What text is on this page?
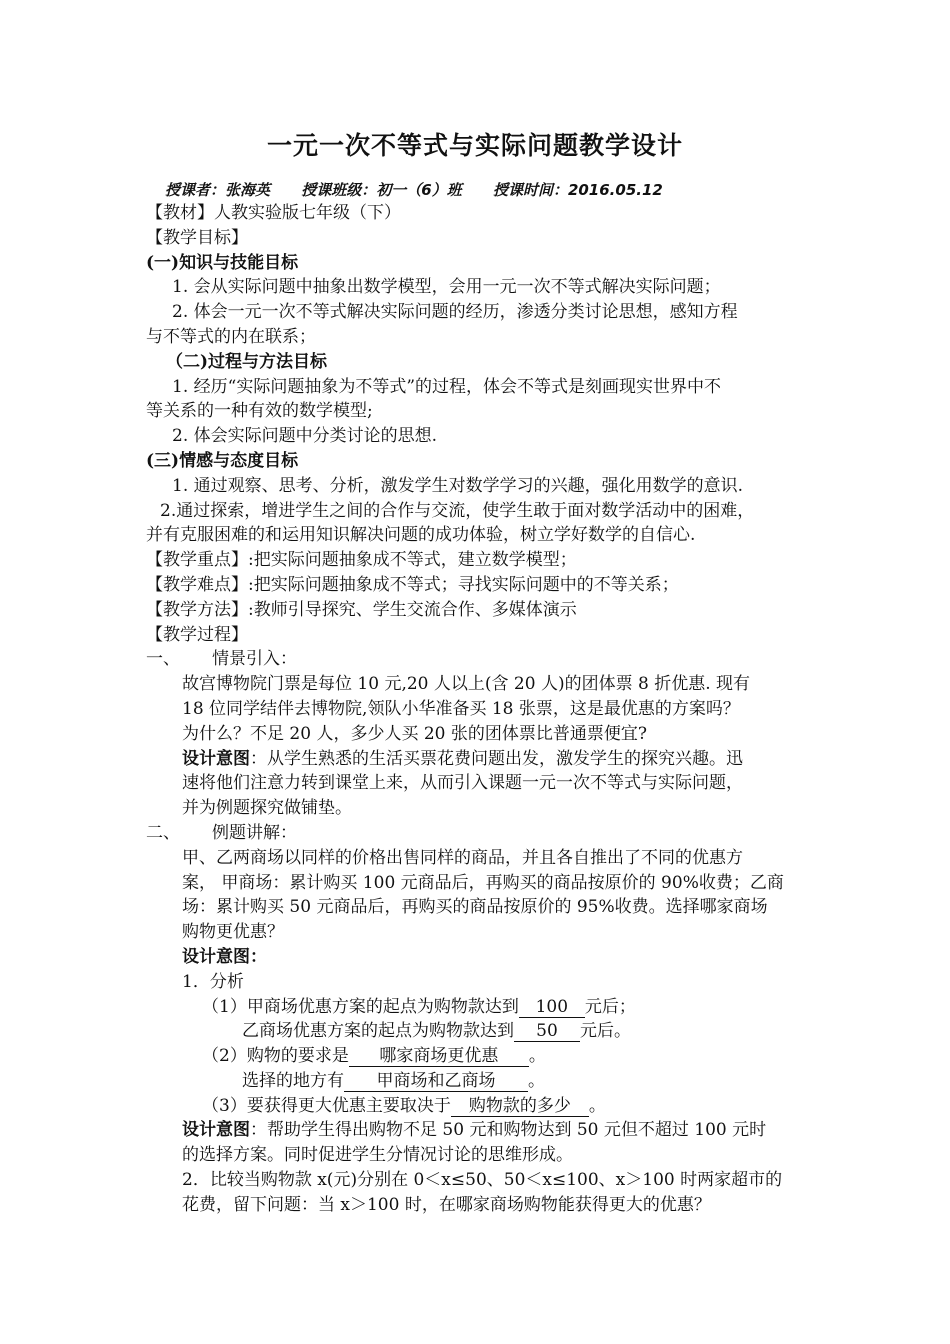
一元一次不等式与实际问题教学设计
授课者：张海英 授课班级：初一（6）班 授课时间：2016.05.12
【教材】人教实验版七年级（下）
【教学目标】
(一)知识与技能目标
1. 会从实际问题中抽象出数学模型，会用一元一次不等式解决实际问题；
2. 体会一元一次不等式解决实际问题的经历，渗透分类讨论思想，感知方程
与不等式的内在联系；
（二)过程与方法目标
1. 经历“实际问题抽象为不等式”的过程，体会不等式是刻画现实世界中不
等关系的一种有效的数学模型;
2. 体会实际问题中分类讨论的思想.
(三)情感与态度目标
1. 通过观察、思考、分析，激发学生对数学学习的兴趣，强化用数学的意识.
2.通过探索，增进学生之间的合作与交流，使学生敢于面对数学活动中的困难，
并有克服困难的和运用知识解决问题的成功体验，树立学好数学的自信心.
【教学重点】:把实际问题抽象成不等式，建立数学模型；
【教学难点】:把实际问题抽象成不等式；寻找实际问题中的不等关系；
【教学方法】:教师引导探究、学生交流合作、多媒体演示
【教学过程】
一、 情景引入：
故宫博物院门票是每位 10 元,20 人以上(含 20 人)的团体票 8 折优惠. 现有
18 位同学结伴去博物院,领队小华准备买 18 张票，这是最优惠的方案吗？
为什么？不足 20 人，多少人买 20 张的团体票比普通票便宜?
设计意图：从学生熟悉的生活买票花费问题出发，激发学生的探究兴趣。迅
速将他们注意力转到课堂上来，从而引入课题一元一次不等式与实际问题，
并为例题探究做铺垫。
二、 例题讲解：
甲、乙两商场以同样的价格出售同样的商品，并且各自推出了不同的优惠方
案， 甲商场：累计购买 100 元商品后，再购买的商品按原价的 90%收费；乙商
场：累计购买 50 元商品后，再购买的商品按原价的 95%收费。选择哪家商场
购物更优惠？
设计意图：
1．分析
（1）甲商场优惠方案的起点为购物款达到 100 元后；
乙商场优惠方案的起点为购物款达到 50 元后。
（2）购物的要求是 哪家商场更优惠 。
选择的地方有 甲商场和乙商场 。
（3）要获得更大优惠主要取决于 购物款的多少 。
设计意图：帮助学生得出购物不足 50 元和购物达到 50 元但不超过 100 元时
的选择方案。同时促进学生分情况讨论的思维形成。
2．比较当购物款 x(元)分别在 0＜x≤50、50＜x≤100、x＞100 时两家超市的
花费，留下问题：当 x＞100 时，在哪家商场购物能获得更大的优惠？
